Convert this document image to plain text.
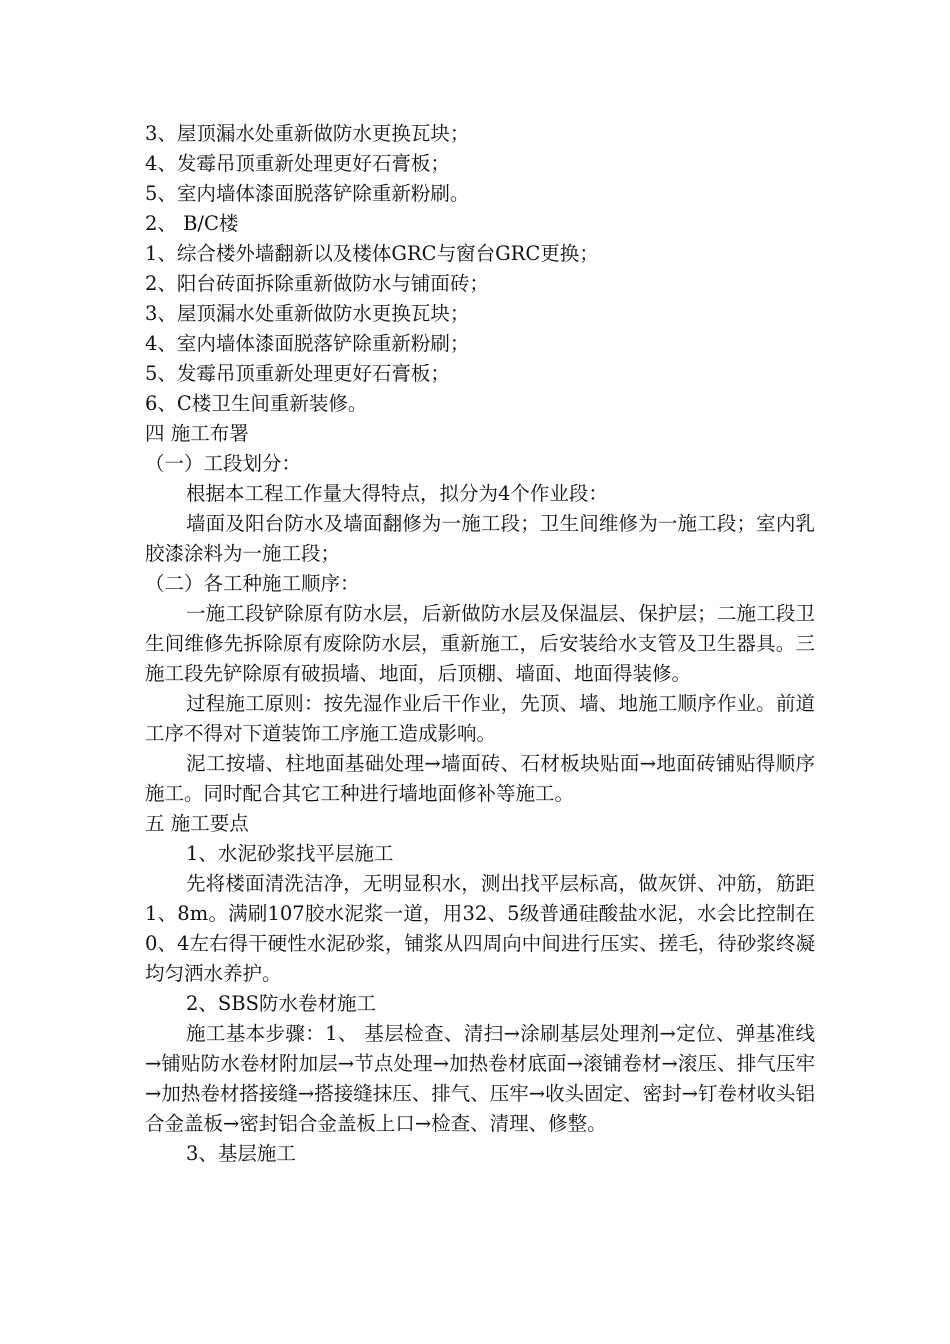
3、屋顶漏水处重新做防水更换瓦块；
4、发霉吊顶重新处理更好石膏板；
5、室内墙体漆面脱落铲除重新粉刷。
2、 B/C楼
1、综合楼外墙翻新以及楼体GRC与窗台GRC更换；
2、阳台砖面拆除重新做防水与铺面砖；
3、屋顶漏水处重新做防水更换瓦块；
4、室内墙体漆面脱落铲除重新粉刷；
5、发霉吊顶重新处理更好石膏板；
6、C楼卫生间重新装修。
四 施工布署
（一）工段划分：
根据本工程工作量大得特点，拟分为4个作业段：
墙面及阳台防水及墙面翻修为一施工段；卫生间维修为一施工段；室内乳胶漆涂料为一施工段；
（二）各工种施工顺序：
一施工段铲除原有防水层，后新做防水层及保温层、保护层；二施工段卫生间维修先拆除原有废除防水层，重新施工，后安装给水支管及卫生器具。三施工段先铲除原有破损墙、地面，后顶棚、墙面、地面得装修。
过程施工原则：按先湿作业后干作业，先顶、墙、地施工顺序作业。前道工序不得对下道装饰工序施工造成影响。
泥工按墙、柱地面基础处理→墙面砖、石材板块贴面→地面砖铺贴得顺序施工。同时配合其它工种进行墙地面修补等施工。
五 施工要点
1、水泥砂浆找平层施工
先将楼面清洗洁净，无明显积水，测出找平层标高，做灰饼、冲筋，筋距1、8m。满刷107胶水泥浆一道，用32、5级普通硅酸盐水泥，水会比控制在0、4左右得干硬性水泥砂浆，铺浆从四周向中间进行压实、搓毛，待砂浆终凝均匀洒水养护。
2、SBS防水卷材施工
施工基本步骤：1、 基层检查、清扫→涂刷基层处理剂→定位、弹基准线→铺贴防水卷材附加层→节点处理→加热卷材底面→滚铺卷材→滚压、排气压牢→加热卷材搭接缝→搭接缝抹压、排气、压牢→收头固定、密封→钉卷材收头铝合金盖板→密封铝合金盖板上口→检查、清理、修整。
3、基层施工
